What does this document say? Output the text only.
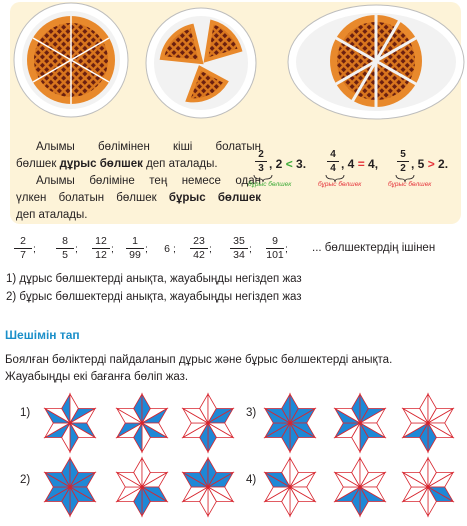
Алымы бөлімінен кіші болатын
бөлшек дұрыс бөлшек деп аталады.
Алымы бөліміне тең немесе одан
үлкен болатын бөлшек бұрыс бөлшек
деп аталады.
2
3 , 2 < 3.
дұрыс бөлшек
4
4 , 4 = 4,
бұрыс бөлшек
5
2 , 5 > 2.
бұрыс бөлшек
2
7 ;
8
5 ;
12
12 ;
1
99 ; 6 ;
23
42 ;
35
34 ;
9
101 ; ... бөлшектердің ішінен
1) дұрыс бөлшектерді анықта, жауабыңды негіздеп жаз
2) бұрыс бөлшектерді анықта, жауабыңды негіздеп жаз
Шешімін тап
Боялған бөліктерді пайдаланып дұрыс және бұрыс бөлшектерді анықта.
Жауабыңды екі бағанға бөліп жаз.
1)
2)
3)
4)
